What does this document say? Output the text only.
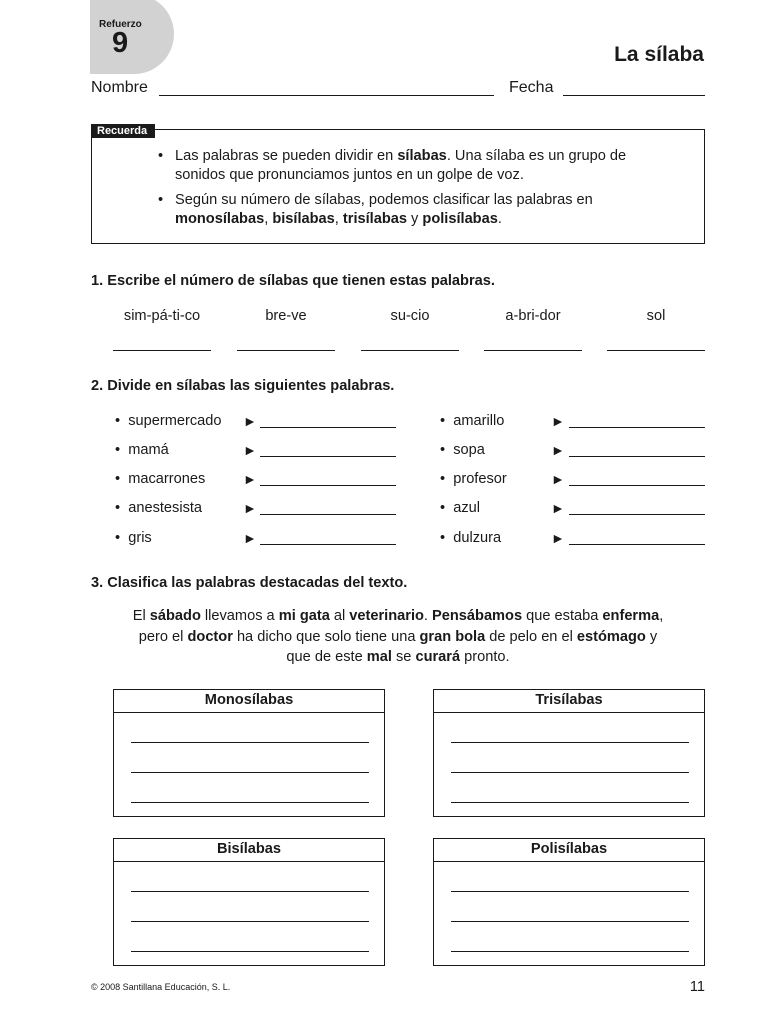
Refuerzo
9	La sílaba
Nombre	Fecha
Recuerda
• Las palabras se pueden dividir en sílabas. Una sílaba es un grupo de sonidos que pronunciamos juntos en un golpe de voz.
• Según su número de sílabas, podemos clasificar las palabras en monosílabas, bisílabas, trisílabas y polisílabas.
1. Escribe el número de sílabas que tienen estas palabras.
sim-pá-ti-co	bre-ve	su-cio	a-bri-dor	sol
2. Divide en sílabas las siguientes palabras.
• supermercado
• mamá
• macarrones
• anestesista
• gris
►
►
►
►
►
• amarillo
• sopa
• profesor
• azul
• dulzura
►
►
►
►
►
3. Clasifica las palabras destacadas del texto.
El sábado llevamos a mi gata al veterinario. Pensábamos que estaba enferma, pero el doctor ha dicho que solo tiene una gran bola de pelo en el estómago y que de este mal se curará pronto.
Monosílabas	Trisílabas
Bisílabas	Polisílabas
© 2008 Santillana Educación, S. L.	11
